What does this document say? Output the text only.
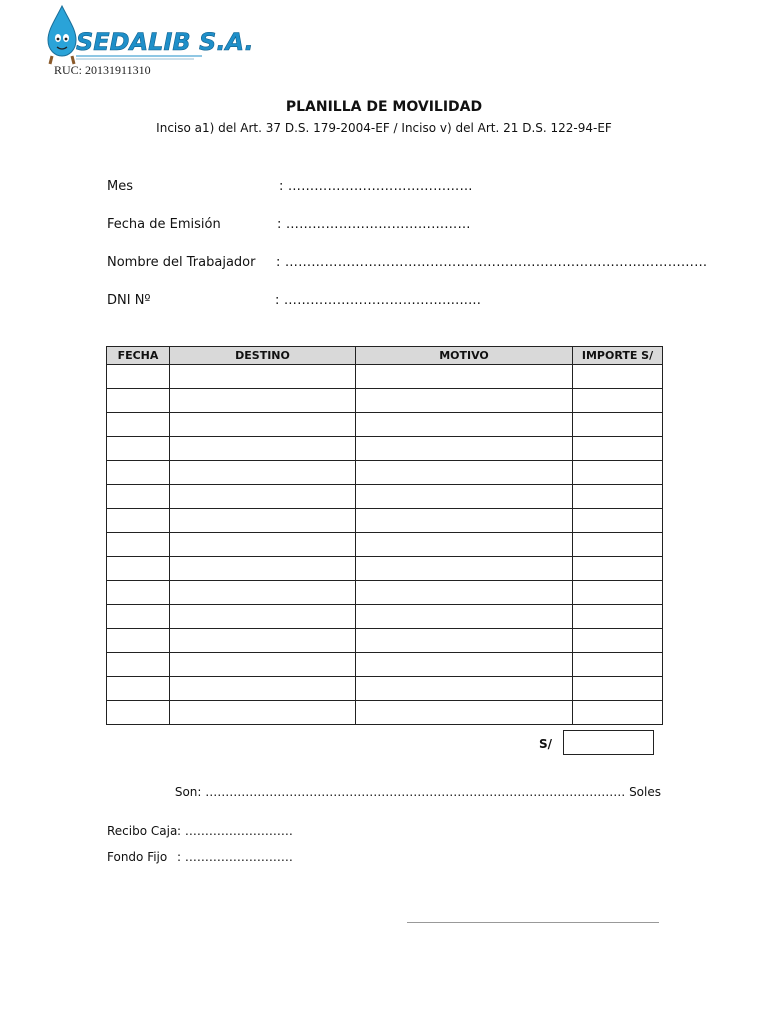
SEDALIB S.A.
RUC: 20131911310
PLANILLA DE MOVILIDAD
Inciso a1) del Art. 37 D.S. 179-2004-EF / Inciso v) del Art. 21 D.S. 122-94-EF
Mes	: ……………………………………
Fecha de Emisión	: ……………………………………
Nombre del Trabajador : ……………………………………………………………………………………
DNI Nº	: ……………………………............
FECHA	DESTINO	MOTIVO	IMPORTE S/

S/
Son: …………………………………………………………………………………………… Soles
Recibo Caja : ………………………
Fondo Fijo : ………………………
